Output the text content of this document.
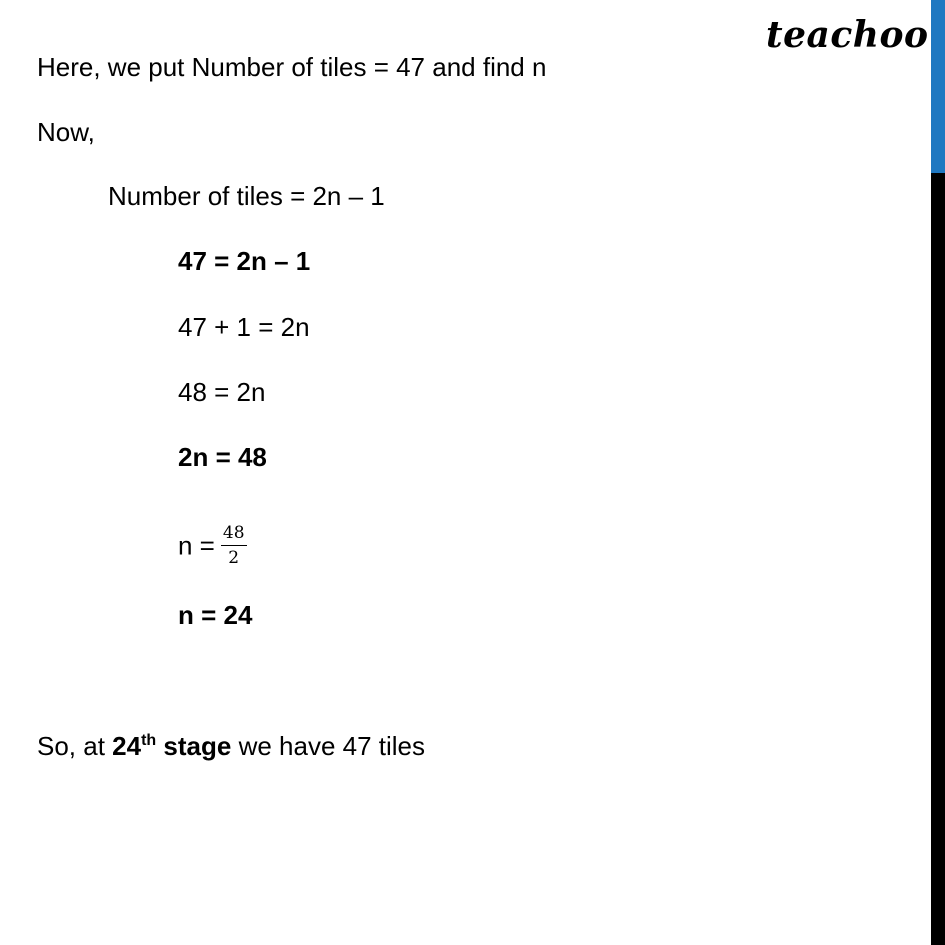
teachoo
Here, we put Number of tiles = 47 and find n
Now,
Number of tiles = 2n – 1
47 = 2n – 1
47 + 1 = 2n
48 = 2n
2n = 48
$n = \frac{48}{2}$
n = 24
So, at 24th stage we have 47 tiles
